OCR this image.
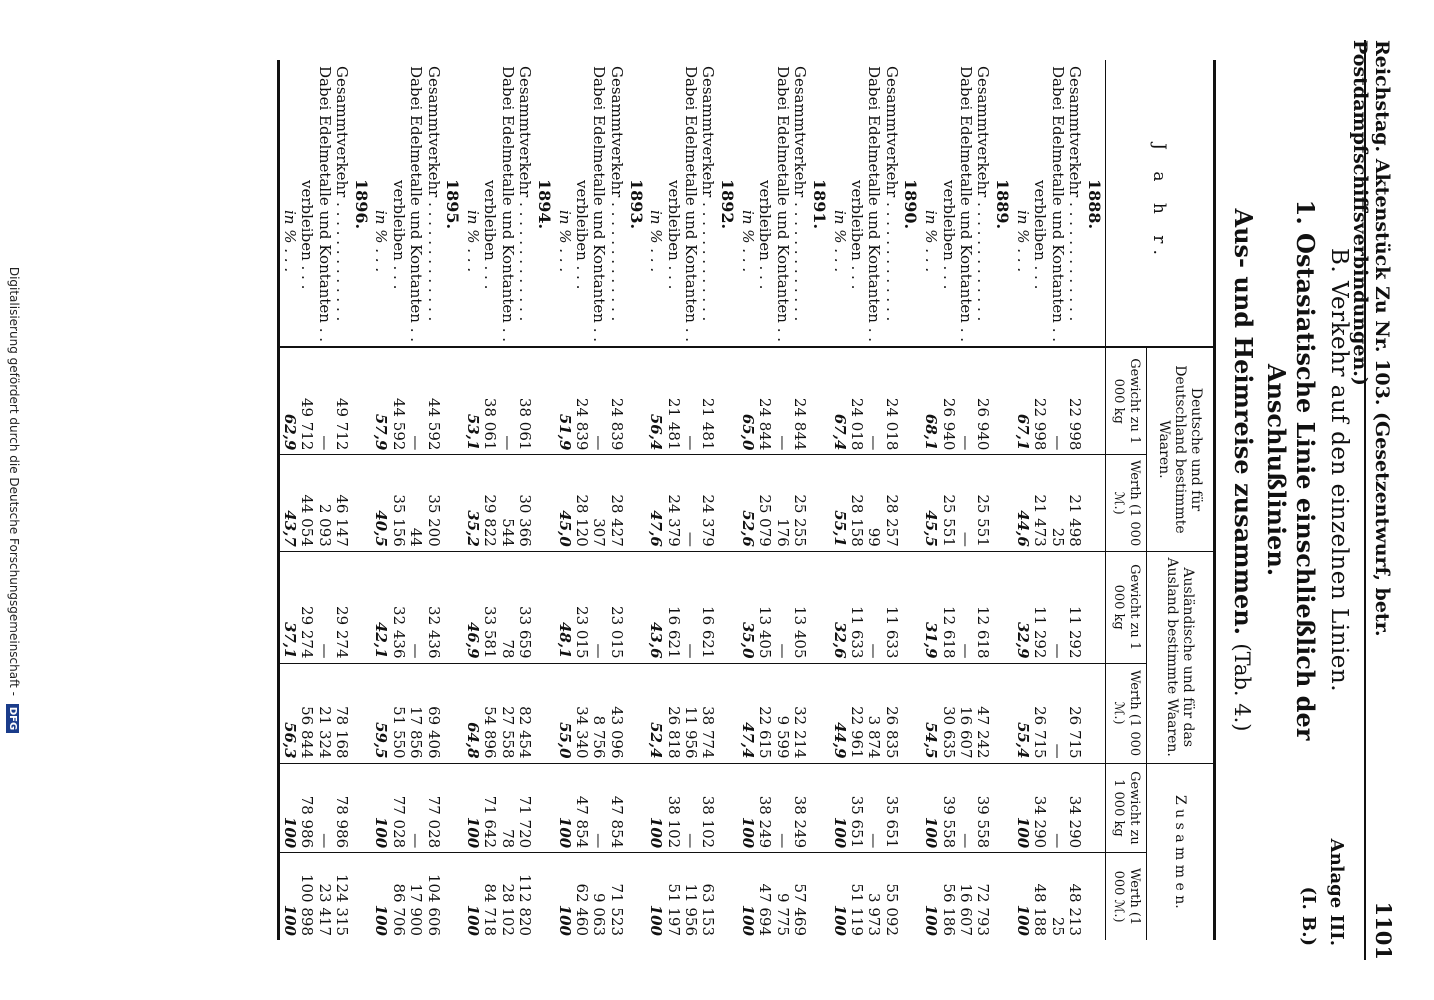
Reichstag. Aktenstück Zu Nr. 103. (Gesetzentwurf, betr. Postdampfschiffsverbindungen.)
1101
Anlage III.
(I. B.)
B. Verkehr auf den einzelnen Linien.
1. Ostasiatische Linie einschließlich der Anschlußlinien.
Aus- und Heimreise zusammen. (Tab. 4.)
J a h r.	Deutsche und für Deutschland bestimmte Waaren.		Ausländische und für das Ausland bestimmte Waaren.		Z u s a m m e n.	
	Gewicht zu 1 000 kg	Werth (1 000 ℳ.)	Gewicht zu 1 000 kg	Werth (1 000 ℳ.)	Gewicht zu 1 000 kg	Werth (1 000 ℳ.)
1888.						
Gesammtverkehr . . . . . . . . . . . . .	22 998	21 498	11 292	26 715	34 290	48 213
Dabei Edelmetalle und Kontanten . .	—	25	—	—	—	25
verbleiben . . .	22 998	21 473	11 292	26 715	34 290	48 188
in % . . .	67,1	44,6	32,9	55,4	100	100
1889.						
Gesammtverkehr . . . . . . . . . . . . .	26 940	25 551	12 618	47 242	39 558	72 793
Dabei Edelmetalle und Kontanten . .	—	—	—	16 607	—	16 607
verbleiben . . .	26 940	25 551	12 618	30 635	39 558	56 186
in % . . .	68,1	45,5	31,9	54,5	100	100
1890.						
Gesammtverkehr . . . . . . . . . . . . .	24 018	28 257	11 633	26 835	35 651	55 092
Dabei Edelmetalle und Kontanten . .	—	99	—	3 874	—	3 973
verbleiben . . .	24 018	28 158	11 633	22 961	35 651	51 119
in % . . .	67,4	55,1	32,6	44,9	100	100
1891.						
Gesammtverkehr . . . . . . . . . . . . .	24 844	25 255	13 405	32 214	38 249	57 469
Dabei Edelmetalle und Kontanten . .	—	176	—	9 599	—	9 775
verbleiben . . .	24 844	25 079	13 405	22 615	38 249	47 694
in % . . .	65,0	52,6	35,0	47,4	100	100
1892.						
Gesammtverkehr . . . . . . . . . . . . .	21 481	24 379	16 621	38 774	38 102	63 153
Dabei Edelmetalle und Kontanten . .	—	—	—	11 956	—	11 956
verbleiben . . .	21 481	24 379	16 621	26 818	38 102	51 197
in % . . .	56,4	47,6	43,6	52,4	100	100
1893.						
Gesammtverkehr . . . . . . . . . . . . .	24 839	28 427	23 015	43 096	47 854	71 523
Dabei Edelmetalle und Kontanten . .	—	307	—	8 756	—	9 063
verbleiben . . .	24 839	28 120	23 015	34 340	47 854	62 460
in % . . .	51,9	45,0	48,1	55,0	100	100
1894.						
Gesammtverkehr . . . . . . . . . . . . .	38 061	30 366	33 659	82 454	71 720	112 820
Dabei Edelmetalle und Kontanten . .	—	544	78	27 558	78	28 102
verbleiben . . .	38 061	29 822	33 581	54 896	71 642	84 718
in % . . .	53,1	35,2	46,9	64,8	100	100
1895.						
Gesammtverkehr . . . . . . . . . . . . .	44 592	35 200	32 436	69 406	77 028	104 606
Dabei Edelmetalle und Kontanten . .	—	44	—	17 856	—	17 900
verbleiben . . .	44 592	35 156	32 436	51 550	77 028	86 706
in % . . .	57,9	40,5	42,1	59,5	100	100
1896.						
Gesammtverkehr . . . . . . . . . . . . .	49 712	46 147	29 274	78 168	78 986	124 315
Dabei Edelmetalle und Kontanten . .	—	2 093	—	21 324	—	23 417
verbleiben . . .	49 712	44 054	29 274	56 844	78 986	100 898
in % . . .	62,9	43,7	37,1	56,3	100	100
Digitalisierung gefördert durch die Deutsche Forschungsgemeinschaft - DFG
